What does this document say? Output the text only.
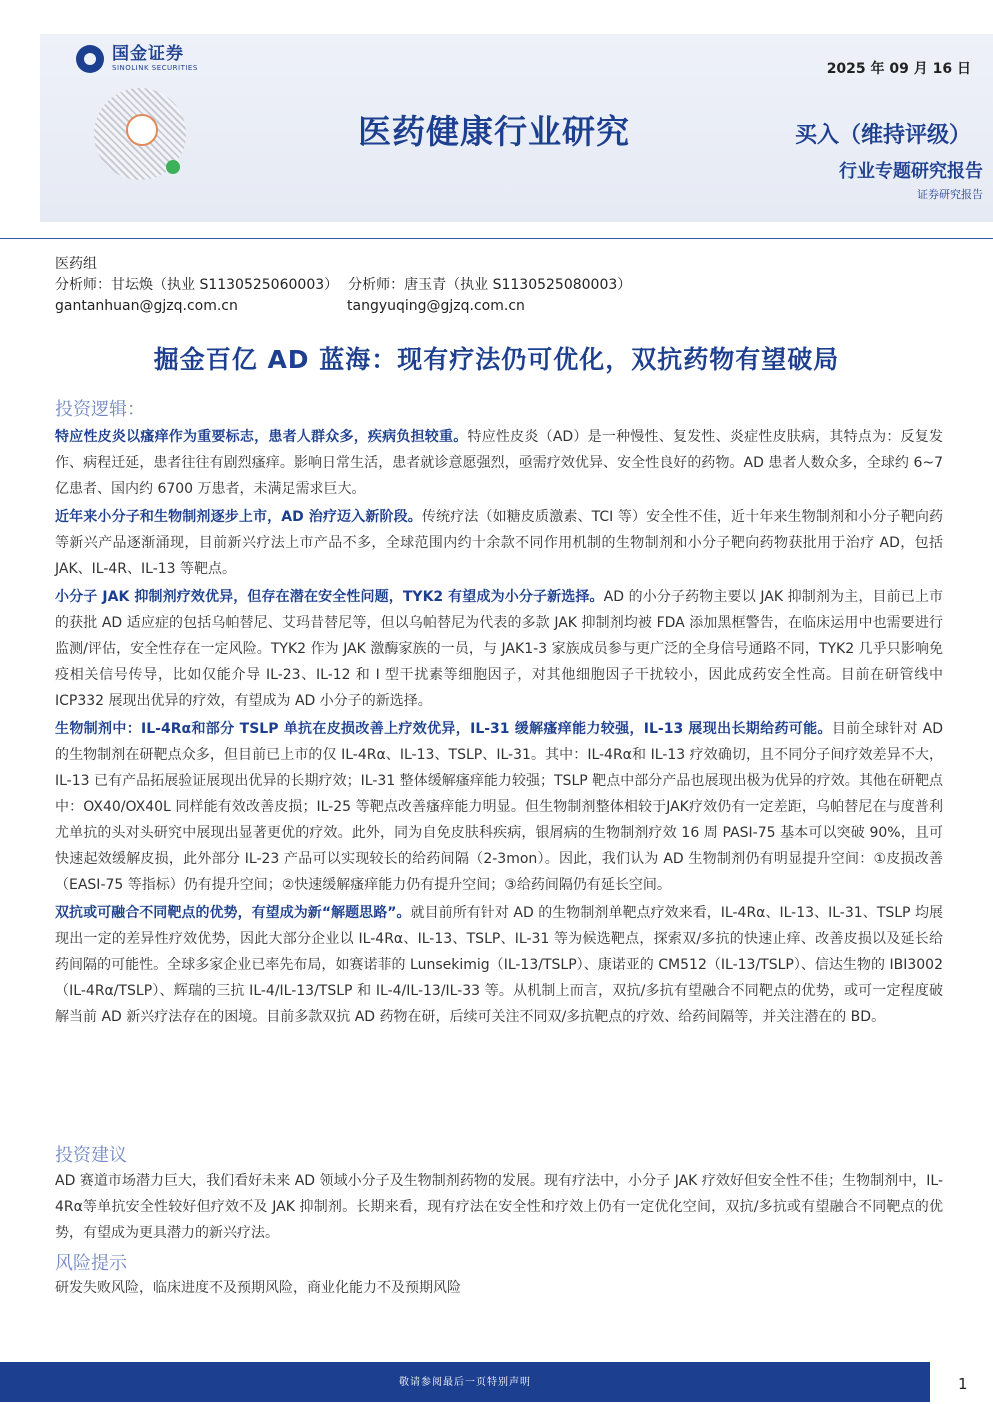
国金证券
SINOLINK SECURITIES	2025 年 09 月 16 日
医药健康行业研究	买入（维持评级）
行业专题研究报告
证券研究报告
医药组
分析师：甘坛焕（执业 S1130525060003） 分析师：唐玉青（执业 S1130525080003）
gantanhuan@gjzq.com.cn	tangyuqing@gjzq.com.cn
掘金百亿 AD 蓝海：现有疗法仍可优化，双抗药物有望破局
投资逻辑：

特应性皮炎以瘙痒作为重要标志，患者人群众多，疾病负担较重。特应性皮炎（AD）是一种慢性、复发性、炎症性皮肤病，其特点为：反复发作、病程迁延，患者往往有剧烈瘙痒。影响日常生活，患者就诊意愿强烈，亟需疗效优异、安全性良好的药物。AD 患者人数众多，全球约 6~7 亿患者、国内约 6700 万患者，未满足需求巨大。

近年来小分子和生物制剂逐步上市，AD 治疗迈入新阶段。传统疗法（如糖皮质激素、TCI 等）安全性不佳，近十年来生物制剂和小分子靶向药等新兴产品逐渐涌现，目前新兴疗法上市产品不多，全球范围内约十余款不同作用机制的生物制剂和小分子靶向药物获批用于治疗 AD，包括 JAK、IL-4R、IL-13 等靶点。

小分子 JAK 抑制剂疗效优异，但存在潜在安全性问题，TYK2 有望成为小分子新选择。AD 的小分子药物主要以 JAK 抑制剂为主，目前已上市的获批 AD 适应症的包括乌帕替尼、艾玛昔替尼等，但以乌帕替尼为代表的多款 JAK 抑制剂均被 FDA 添加黑框警告，在临床运用中也需要进行监测/评估，安全性存在一定风险。TYK2 作为 JAK 激酶家族的一员，与 JAK1-3 家族成员参与更广泛的全身信号通路不同，TYK2 几乎只影响免疫相关信号传导，比如仅能介导 IL-23、IL-12 和 I 型干扰素等细胞因子，对其他细胞因子干扰较小，因此成药安全性高。目前在研管线中 ICP332 展现出优异的疗效，有望成为 AD 小分子的新选择。

生物制剂中：IL-4Rα和部分 TSLP 单抗在皮损改善上疗效优异，IL-31 缓解瘙痒能力较强，IL-13 展现出长期给药可能。目前全球针对 AD 的生物制剂在研靶点众多，但目前已上市的仅 IL-4Rα、IL-13、TSLP、IL-31。其中：IL-4Rα和 IL-13 疗效确切，且不同分子间疗效差异不大，IL-13 已有产品拓展验证展现出优异的长期疗效；IL-31 整体缓解瘙痒能力较强；TSLP 靶点中部分产品也展现出极为优异的疗效。其他在研靶点中：OX40/OX40L 同样能有效改善皮损；IL-25 等靶点改善瘙痒能力明显。但生物制剂整体相较于JAK疗效仍有一定差距，乌帕替尼在与度普利尤单抗的头对头研究中展现出显著更优的疗效。此外，同为自免皮肤科疾病，银屑病的生物制剂疗效 16 周 PASI-75 基本可以突破 90%，且可快速起效缓解皮损，此外部分 IL-23 产品可以实现较长的给药间隔（2-3mon）。因此，我们认为 AD 生物制剂仍有明显提升空间：①皮损改善（EASI-75 等指标）仍有提升空间；②快速缓解瘙痒能力仍有提升空间；③给药间隔仍有延长空间。

双抗或可融合不同靶点的优势，有望成为新“解题思路”。就目前所有针对 AD 的生物制剂单靶点疗效来看，IL-4Rα、IL-13、IL-31、TSLP 均展现出一定的差异性疗效优势，因此大部分企业以 IL-4Rα、IL-13、TSLP、IL-31 等为候选靶点，探索双/多抗的快速止痒、改善皮损以及延长给药间隔的可能性。全球多家企业已率先布局，如赛诺菲的 Lunsekimig（IL-13/TSLP）、康诺亚的 CM512（IL-13/TSLP）、信达生物的 IBI3002（IL-4Rα/TSLP）、辉瑞的三抗 IL-4/IL-13/TSLP 和 IL-4/IL-13/IL-33 等。从机制上而言，双抗/多抗有望融合不同靶点的优势，或可一定程度破解当前 AD 新兴疗法存在的困境。目前多款双抗 AD 药物在研，后续可关注不同双/多抗靶点的疗效、给药间隔等，并关注潜在的 BD。

投资建议

AD 赛道市场潜力巨大，我们看好未来 AD 领域小分子及生物制剂药物的发展。现有疗法中，小分子 JAK 疗效好但安全性不佳；生物制剂中，IL-4Rα等单抗安全性较好但疗效不及 JAK 抑制剂。长期来看，现有疗法在安全性和疗效上仍有一定优化空间，双抗/多抗或有望融合不同靶点的优势，有望成为更具潜力的新兴疗法。

风险提示

研发失败风险，临床进度不及预期风险，商业化能力不及预期风险

敬请参阅最后一页特别声明	1
